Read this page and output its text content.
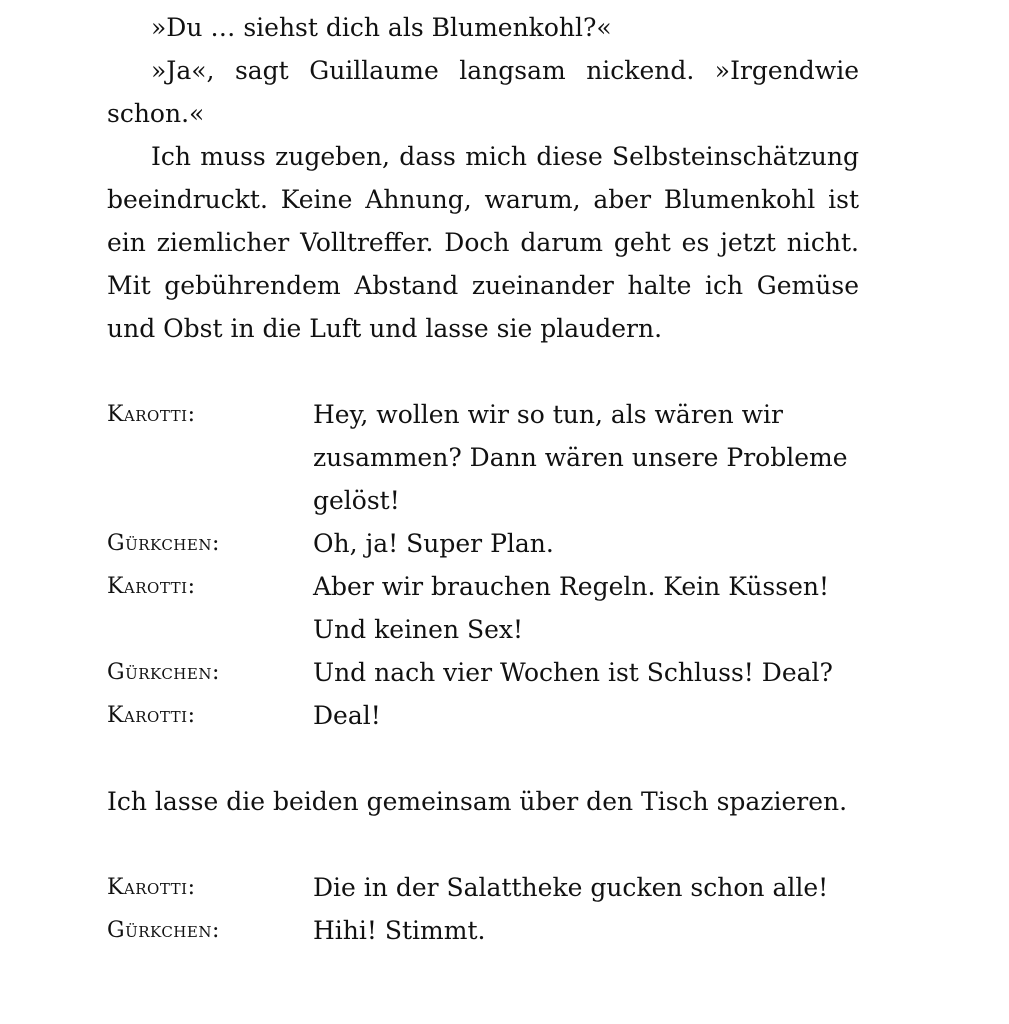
»Du … siehst dich als Blumenkohl?«

»Ja«, sagt Guillaume langsam nickend. »Irgendwie schon.«

Ich muss zugeben, dass mich diese Selbsteinschätzung beeindruckt. Keine Ahnung, warum, aber Blumenkohl ist ein ziemlicher Volltreffer. Doch darum geht es jetzt nicht. Mit gebührendem Abstand zueinander halte ich Gemüse und Obst in die Luft und lasse sie plaudern.

Karotti:	Hey, wollen wir so tun, als wären wir zusammen? Dann wären unsere Probleme gelöst!
Gürkchen:	Oh, ja! Super Plan.
Karotti:	Aber wir brauchen Regeln. Kein Küssen! Und keinen Sex!
Gürkchen:	Und nach vier Wochen ist Schluss! Deal?
Karotti:	Deal!

Ich lasse die beiden gemeinsam über den Tisch spazieren.

Karotti:	Die in der Salattheke gucken schon alle!
Gürkchen:	Hihi! Stimmt.
